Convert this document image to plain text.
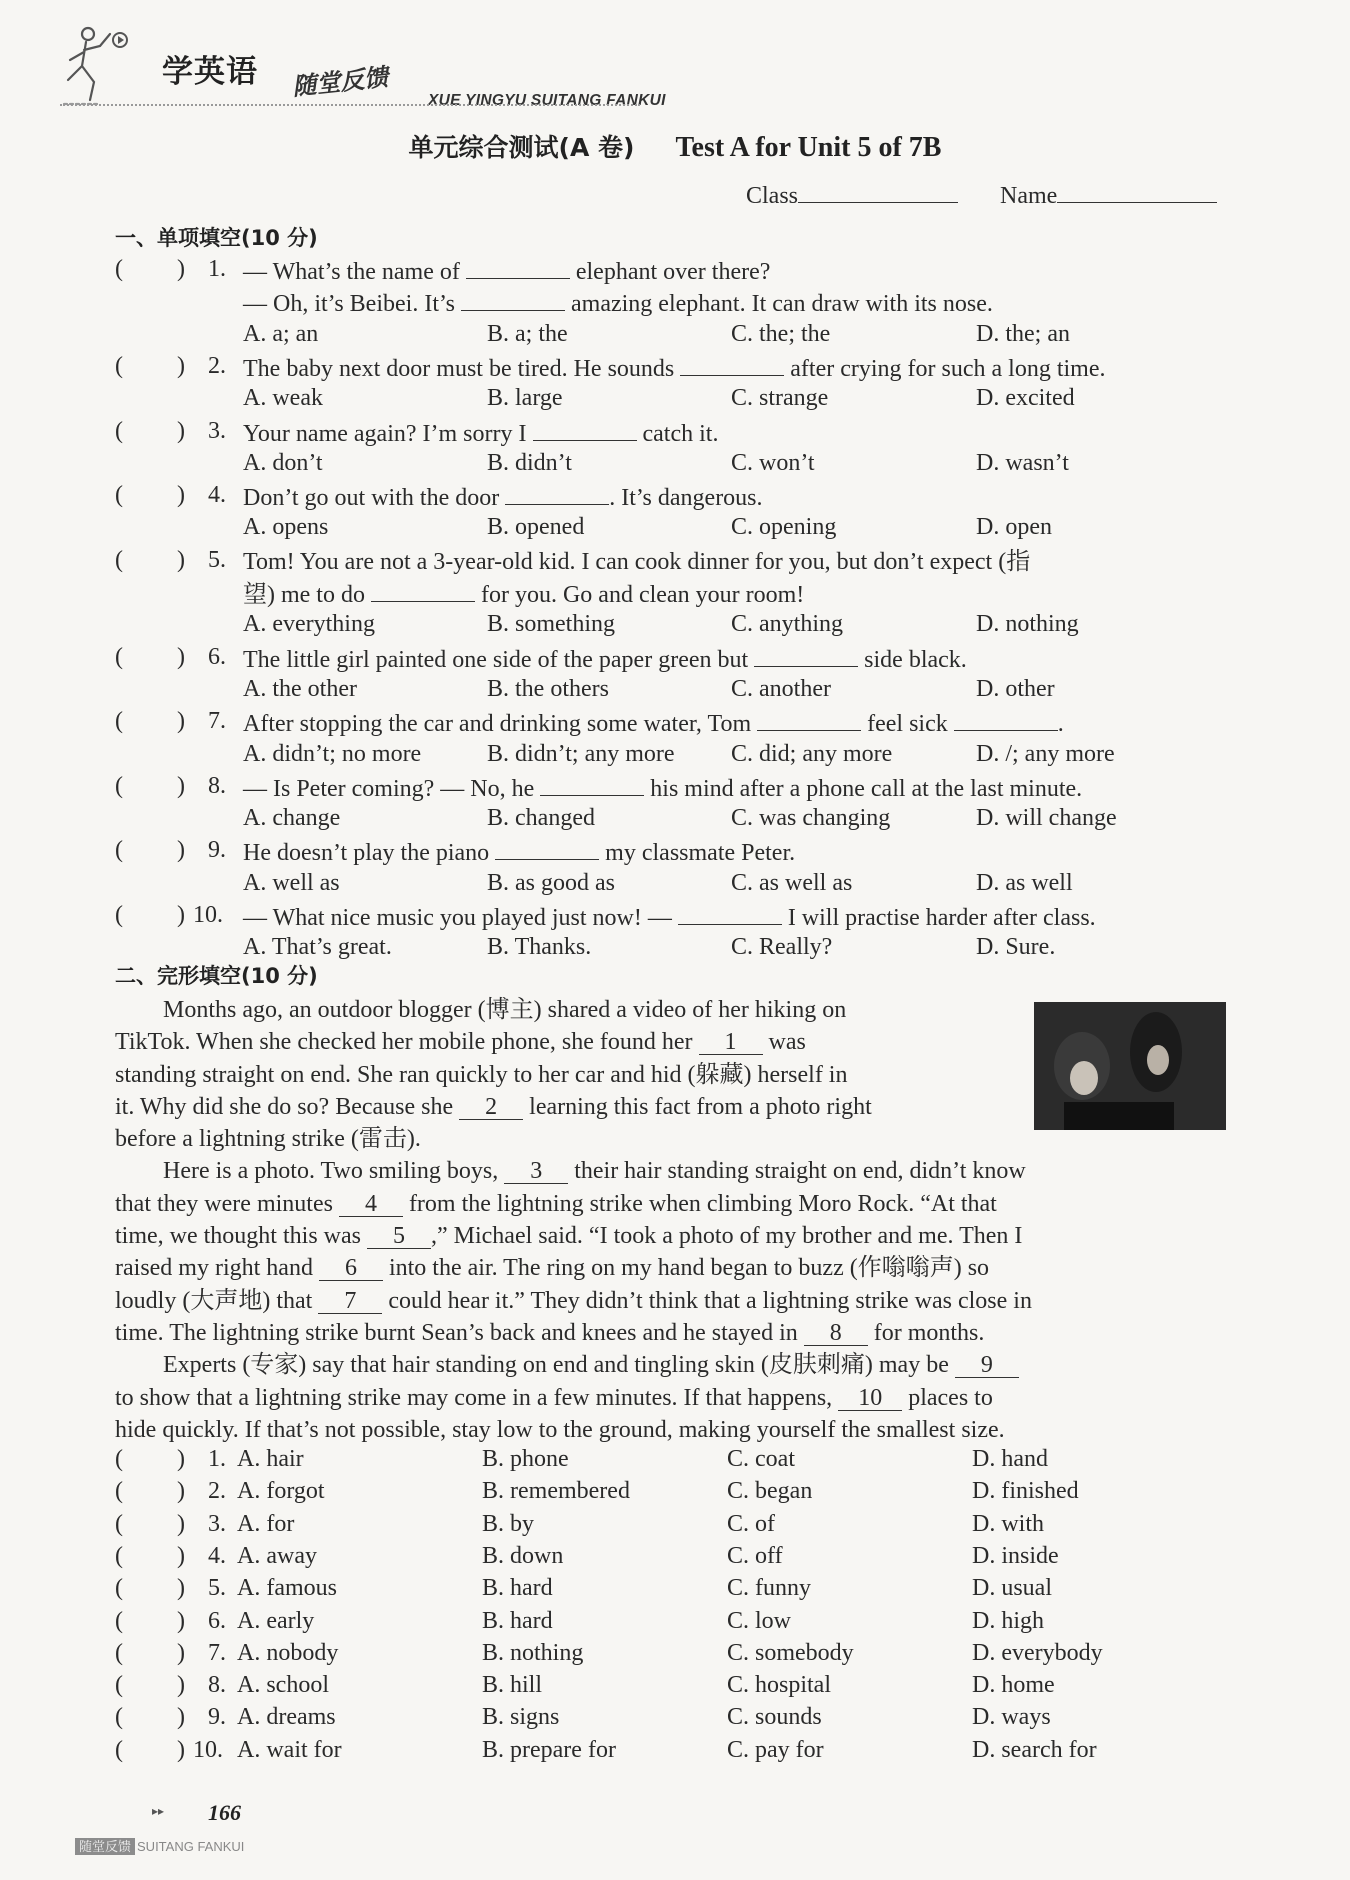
学英语 随堂反馈 XUE YINGYU SUITANG FANKUI
单元综合测试(A 卷) Test A for Unit 5 of 7B
Class	Name
一、单项填空(10 分)
( ) 1. — What’s the name of	elephant over there?
— Oh, it’s Beibei. It’s	amazing elephant. It can draw with its nose.
A. a; an	B. a; the	C. the; the	D. the; an
( ) 2. The baby next door must be tired. He sounds	after crying for such a long time.
A. weak	B. large	C. strange	D. excited
( ) 3. Your name again? I’m sorry I	catch it.
A. don’t	B. didn’t	C. won’t	D. wasn’t
( ) 4. Don’t go out with the door	. It’s dangerous.
A. opens	B. opened	C. opening	D. open
( ) 5. Tom! You are not a 3-year-old kid. I can cook dinner for you, but don’t expect (指
望) me to do	for you. Go and clean your room!
A. everything	B. something	C. anything	D. nothing
( ) 6. The little girl painted one side of the paper green but	side black.
A. the other	B. the others	C. another	D. other
( ) 7. After stopping the car and drinking some water, Tom	feel sick	.
A. didn’t; no more	B. didn’t; any more C. did; any more	D. /; any more
( ) 8. — Is Peter coming? — No, he	his mind after a phone call at the last minute.
A. change	B. changed	C. was changing	D. will change
( ) 9. He doesn’t play the piano	my classmate Peter.
A. well as	B. as good as	C. as well as	D. as well
( ) 10. — What nice music you played just now! —	I will practise harder after class.
A. That’s great.	B. Thanks.	C. Really?	D. Sure.
二、完形填空(10 分)
  Months ago, an outdoor blogger (博主) shared a video of her hiking on
TikTok. When she checked her mobile phone, she found her 1 was
standing straight on end. She ran quickly to her car and hid (躲藏) herself in
it. Why did she do so? Because she 2 learning this fact from a photo right
before a lightning strike (雷击).
  Here is a photo. Two smiling boys, 3 their hair standing straight on end, didn’t know
that they were minutes 4 from the lightning strike when climbing Moro Rock. “At that
time, we thought this was 5 ,” Michael said. “I took a photo of my brother and me. Then I
raised my right hand 6 into the air. The ring on my hand began to buzz (作嗡嗡声) so
loudly (大声地) that 7 could hear it.” They didn’t think that a lightning strike was close in
time. The lightning strike burnt Sean’s back and knees and he stayed in 8 for months.
  Experts (专家) say that hair standing on end and tingling skin (皮肤刺痛) may be 9
to show that a lightning strike may come in a few minutes. If that happens, 10 places to
hide quickly. If that’s not possible, stay low to the ground, making yourself the smallest size.
( ) 1. A. hair	B. phone	C. coat	D. hand
( ) 2. A. forgot	B. remembered	C. began	D. finished
( ) 3. A. for	B. by	C. of	D. with
( ) 4. A. away	B. down	C. off	D. inside
( ) 5. A. famous	B. hard	C. funny	D. usual
( ) 6. A. early	B. hard	C. low	D. high
( ) 7. A. nobody	B. nothing	C. somebody	D. everybody
( ) 8. A. school	B. hill	C. hospital	D. home
( ) 9. A. dreams	B. signs	C. sounds	D. ways
( ) 10. A. wait for	B. prepare for	C. pay for	D. search for
166
▸▸
随堂反馈 SUITANG FANKUI
